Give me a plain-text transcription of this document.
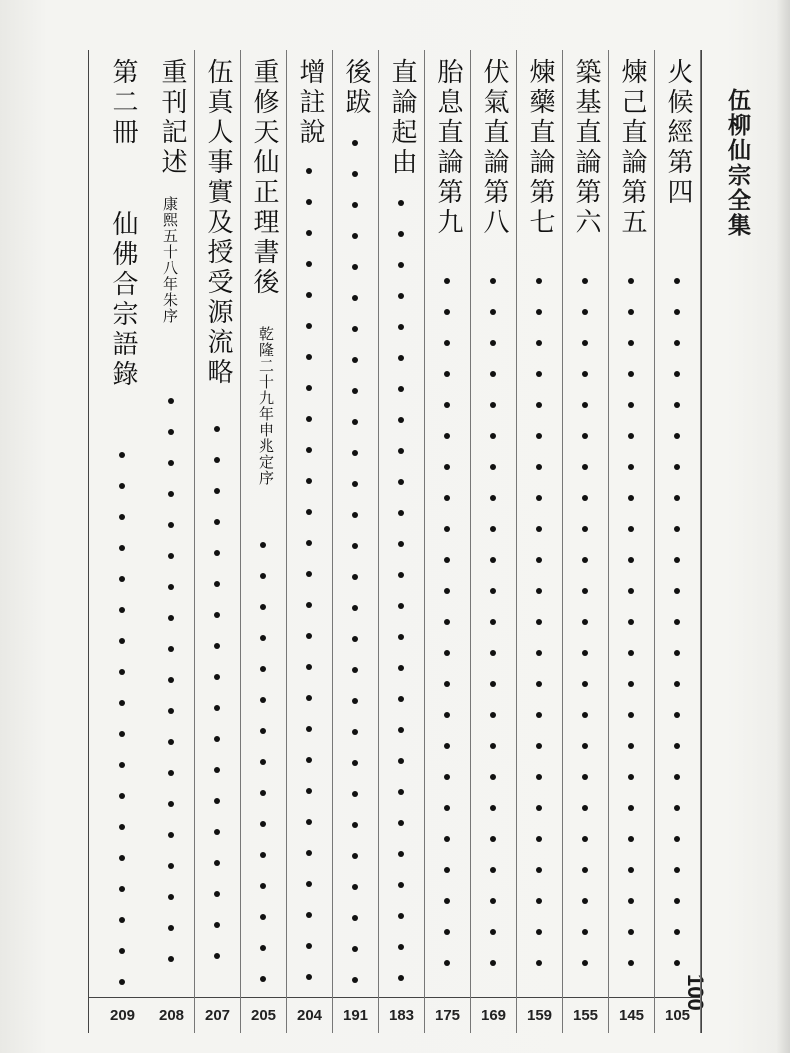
伍柳仙宗全集
100
火候經第四
105
煉己直論第五
145
築基直論第六
155
煉藥直論第七
159
伏氣直論第八
169
胎息直論第九
175
直論起由
183
後跋
191
增註說
204
重修天仙正理書後
乾隆二十九年申兆定序
205
伍真人事實及授受源流略
207
重刊記述
康熙五十八年朱序
208
第二冊
仙佛合宗語錄
209
